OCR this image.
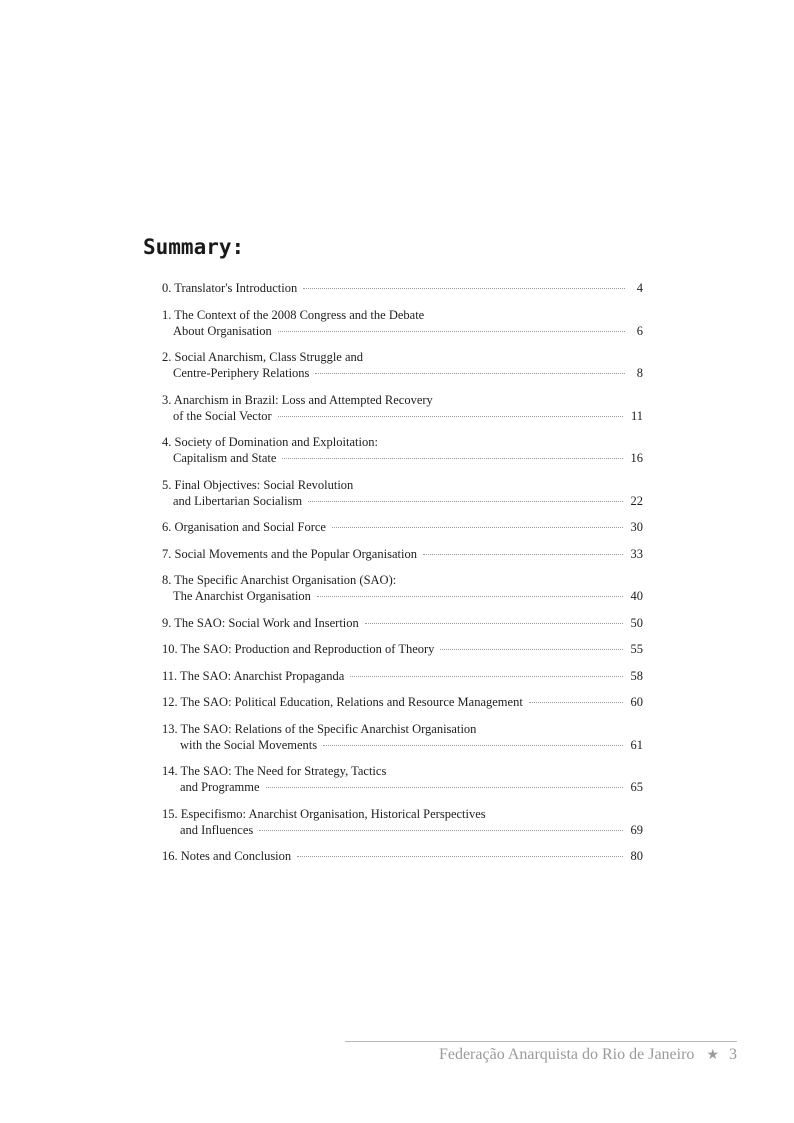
Summary:
0. Translator's Introduction	4
1. The Context of the 2008 Congress and the Debate
About Organisation	6
2. Social Anarchism, Class Struggle and
Centre-Periphery Relations	8
3. Anarchism in Brazil: Loss and Attempted Recovery
of the Social Vector	11
4. Society of Domination and Exploitation:
Capitalism and State	16
5. Final Objectives: Social Revolution
and Libertarian Socialism	22
6. Organisation and Social Force	30
7. Social Movements and the Popular Organisation	33
8. The Specific Anarchist Organisation (SAO):
The Anarchist Organisation	40
9. The SAO: Social Work and Insertion	50
10. The SAO: Production and Reproduction of Theory	55
11. The SAO: Anarchist Propaganda	58
12. The SAO: Political Education, Relations and Resource Management	60
13. The SAO: Relations of the Specific Anarchist Organisation
with the Social Movements	61
14. The SAO: The Need for Strategy, Tactics
and Programme	65
15. Especifismo: Anarchist Organisation, Historical Perspectives
and Influences	69
16. Notes and Conclusion	80
Federação Anarquista do Rio de Janeiro ★ 3
